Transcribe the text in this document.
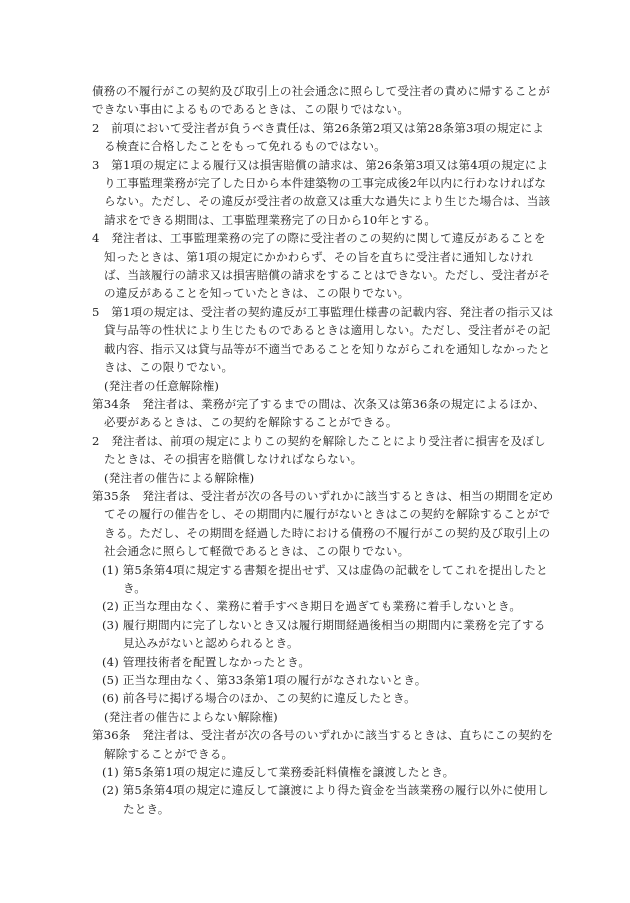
債務の不履行がこの契約及び取引上の社会通念に照らして受注者の責めに帰することができない事由によるものであるときは、この限りではない。

2　前項において受注者が負うべき責任は、第26条第2項又は第28条第3項の規定による検査に合格したことをもって免れるものではない。

3　第1項の規定による履行又は損害賠償の請求は、第26条第3項又は第4項の規定により工事監理業務が完了した日から本件建築物の工事完成後2年以内に行わなければならない。ただし、その違反が受注者の故意又は重大な過失により生じた場合は、当該請求をできる期間は、工事監理業務完了の日から10年とする。

4　発注者は、工事監理業務の完了の際に受注者のこの契約に関して違反があることを知ったときは、第1項の規定にかかわらず、その旨を直ちに受注者に通知しなければ、当該履行の請求又は損害賠償の請求をすることはできない。ただし、受注者がその違反があることを知っていたときは、この限りでない。

5　第1項の規定は、受注者の契約違反が工事監理仕様書の記載内容、発注者の指示又は貸与品等の性状により生じたものであるときは適用しない。ただし、受注者がその記載内容、指示又は貸与品等が不適当であることを知りながらこれを通知しなかったときは、この限りでない。

(発注者の任意解除権)

第34条　発注者は、業務が完了するまでの間は、次条又は第36条の規定によるほか、必要があるときは、この契約を解除することができる。

2　発注者は、前項の規定によりこの契約を解除したことにより受注者に損害を及ぼしたときは、その損害を賠償しなければならない。

(発注者の催告による解除権)

第35条　発注者は、受注者が次の各号のいずれかに該当するときは、相当の期間を定めてその履行の催告をし、その期間内に履行がないときはこの契約を解除することができる。ただし、その期間を経過した時における債務の不履行がこの契約及び取引上の社会通念に照らして軽微であるときは、この限りでない。

(1) 第5条第4項に規定する書類を提出せず、又は虚偽の記載をしてこれを提出したとき。

(2) 正当な理由なく、業務に着手すべき期日を過ぎても業務に着手しないとき。

(3) 履行期間内に完了しないとき又は履行期間経過後相当の期間内に業務を完了する見込みがないと認められるとき。

(4) 管理技術者を配置しなかったとき。

(5) 正当な理由なく、第33条第1項の履行がなされないとき。

(6) 前各号に掲げる場合のほか、この契約に違反したとき。

(発注者の催告によらない解除権)

第36条　発注者は、受注者が次の各号のいずれかに該当するときは、直ちにこの契約を解除することができる。

(1) 第5条第1項の規定に違反して業務委託料債権を譲渡したとき。

(2) 第5条第4項の規定に違反して譲渡により得た資金を当該業務の履行以外に使用したとき。
